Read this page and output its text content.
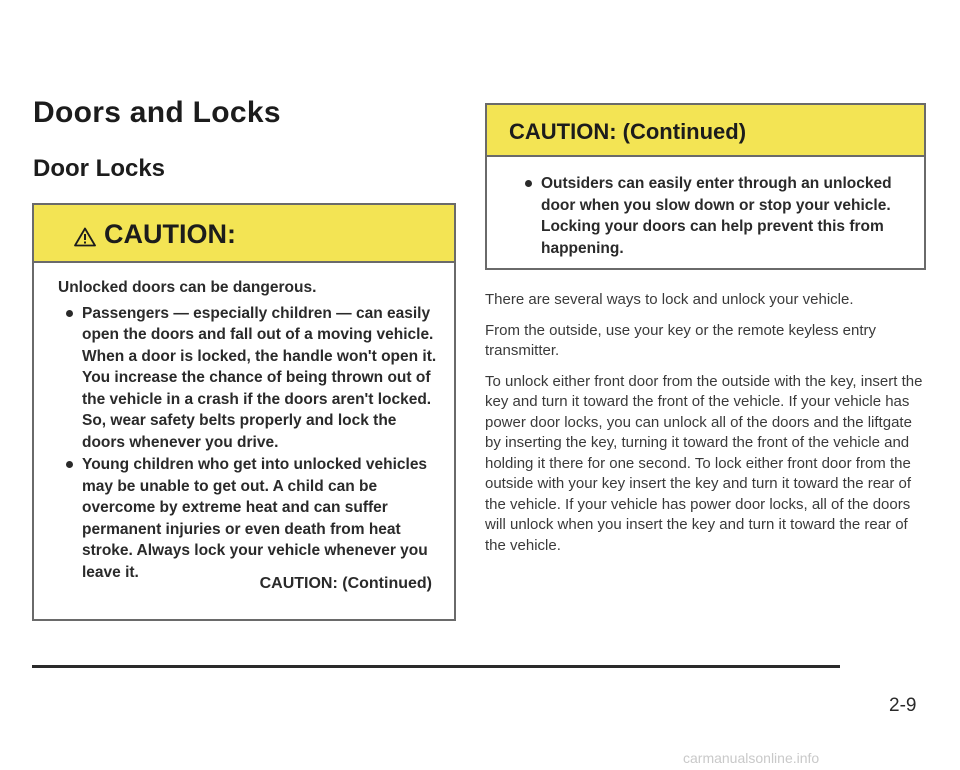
Doors and Locks
Door Locks
CAUTION:

Unlocked doors can be dangerous.

Passengers — especially children — can easily open the doors and fall out of a moving vehicle. When a door is locked, the handle won't open it. You increase the chance of being thrown out of the vehicle in a crash if the doors aren't locked. So, wear safety belts properly and lock the doors whenever you drive.
Young children who get into unlocked vehicles may be unable to get out. A child can be overcome by extreme heat and can suffer permanent injuries or even death from heat stroke. Always lock your vehicle whenever you leave it.
CAUTION: (Continued)
CAUTION: (Continued)
Outsiders can easily enter through an unlocked door when you slow down or stop your vehicle. Locking your doors can help prevent this from happening.

There are several ways to lock and unlock your vehicle.

From the outside, use your key or the remote keyless entry transmitter.

To unlock either front door from the outside with the key, insert the key and turn it toward the front of the vehicle. If your vehicle has power door locks, you can unlock all of the doors and the liftgate by inserting the key, turning it toward the front of the vehicle and holding it there for one second. To lock either front door from the outside with your key insert the key and turn it toward the rear of the vehicle. If your vehicle has power door locks, all of the doors will unlock when you insert the key and turn it toward the rear of the vehicle.

2-9
carmanualsonline.info
